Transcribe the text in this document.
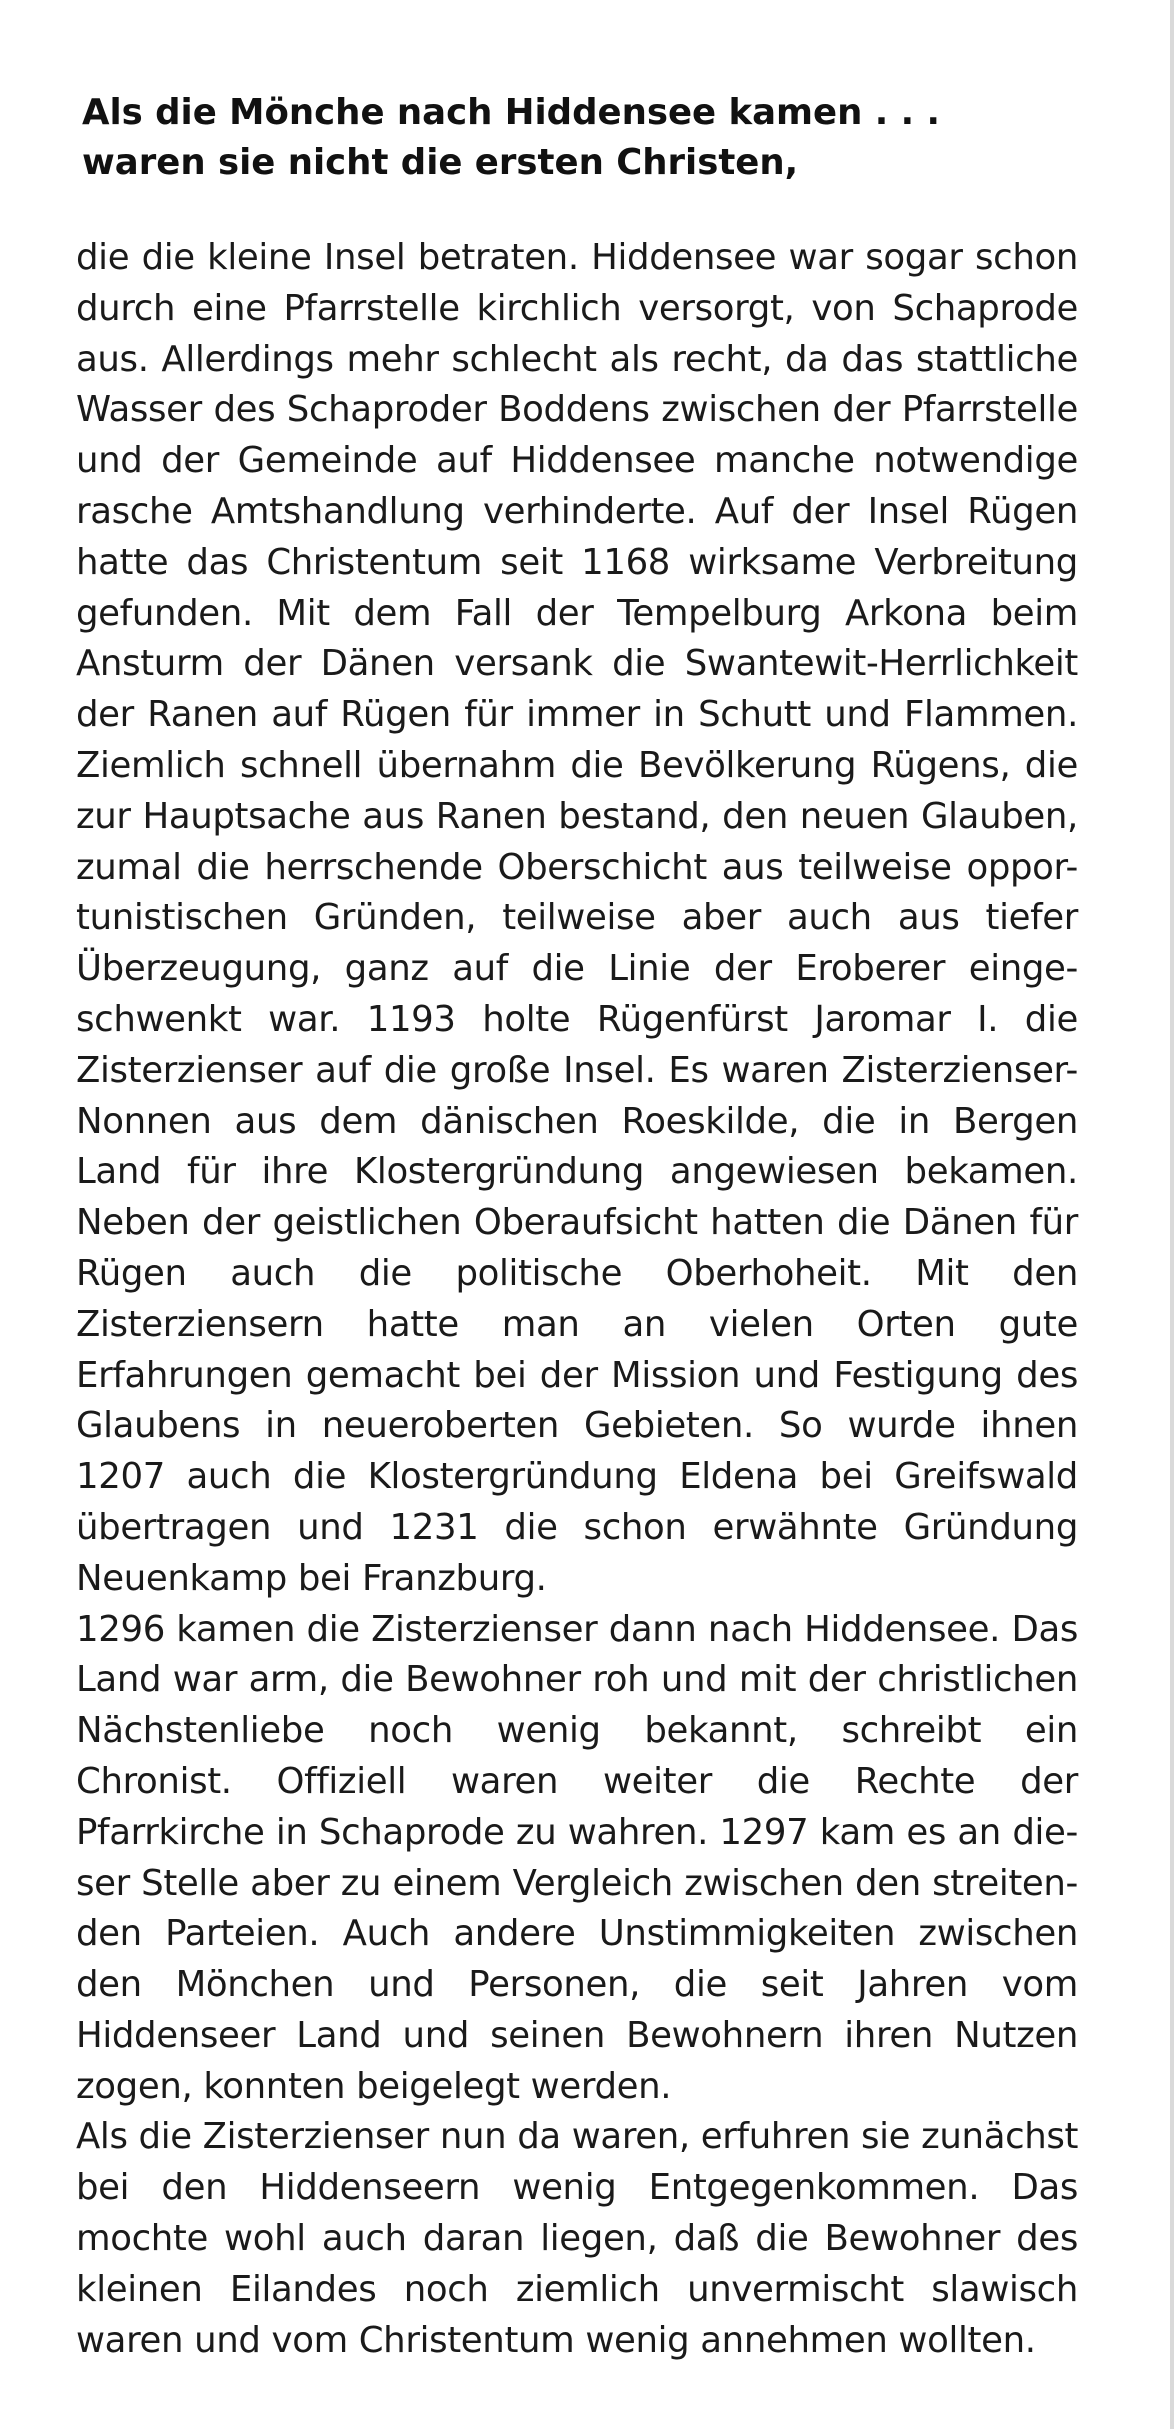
Als die Mönche nach Hiddensee kamen . . .
waren sie nicht die ersten Christen,
die die kleine Insel betraten. Hiddensee war sogar schon
durch eine Pfarrstelle kirchlich versorgt, von Schaprode
aus. Allerdings mehr schlecht als recht, da das stattliche
Wasser des Schaproder Boddens zwischen der Pfarrstelle
und der Gemeinde auf Hiddensee manche notwendige
rasche Amtshandlung verhinderte. Auf der Insel Rügen
hatte das Christentum seit 1168 wirksame Verbreitung
gefunden. Mit dem Fall der Tempelburg Arkona beim
Ansturm der Dänen versank die Swantewit-Herrlichkeit
der Ranen auf Rügen für immer in Schutt und Flammen.
Ziemlich schnell übernahm die Bevölkerung Rügens, die
zur Hauptsache aus Ranen bestand, den neuen Glauben,
zumal die herrschende Oberschicht aus teilweise oppor-
tunistischen Gründen, teilweise aber auch aus tiefer
Überzeugung, ganz auf die Linie der Eroberer einge-
schwenkt war. 1193 holte Rügenfürst Jaromar I. die
Zisterzienser auf die große Insel. Es waren Zisterzienser-
Nonnen aus dem dänischen Roeskilde, die in Bergen
Land für ihre Klostergründung angewiesen bekamen.
Neben der geistlichen Oberaufsicht hatten die Dänen für
Rügen auch die politische Oberhoheit. Mit den
Zisterziensern hatte man an vielen Orten gute
Erfahrungen gemacht bei der Mission und Festigung des
Glaubens in neueroberten Gebieten. So wurde ihnen
1207 auch die Klostergründung Eldena bei Greifswald
übertragen und 1231 die schon erwähnte Gründung
Neuenkamp bei Franzburg.
1296 kamen die Zisterzienser dann nach Hiddensee. Das
Land war arm, die Bewohner roh und mit der christlichen
Nächstenliebe noch wenig bekannt, schreibt ein
Chronist. Offiziell waren weiter die Rechte der
Pfarrkirche in Schaprode zu wahren. 1297 kam es an die-
ser Stelle aber zu einem Vergleich zwischen den streiten-
den Parteien. Auch andere Unstimmigkeiten zwischen
den Mönchen und Personen, die seit Jahren vom
Hiddenseer Land und seinen Bewohnern ihren Nutzen
zogen, konnten beigelegt werden.
Als die Zisterzienser nun da waren, erfuhren sie zunächst
bei den Hiddenseern wenig Entgegenkommen. Das
mochte wohl auch daran liegen, daß die Bewohner des
kleinen Eilandes noch ziemlich unvermischt slawisch
waren und vom Christentum wenig annehmen wollten.
